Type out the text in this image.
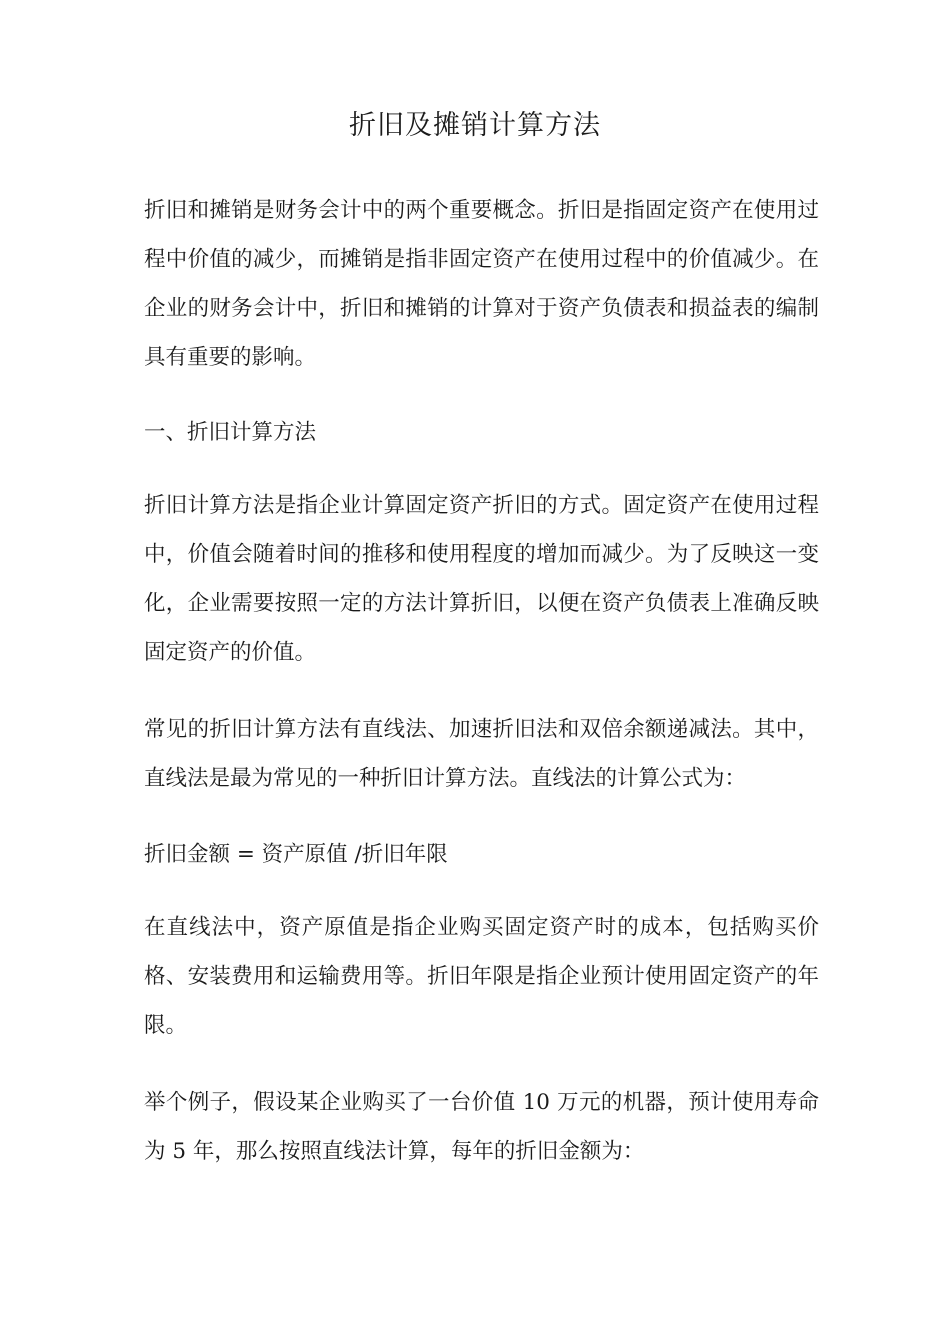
折旧及摊销计算方法

折旧和摊销是财务会计中的两个重要概念。折旧是指固定资产在使用过程中价值的减少，而摊销是指非固定资产在使用过程中的价值减少。在企业的财务会计中，折旧和摊销的计算对于资产负债表和损益表的编制具有重要的影响。

一、折旧计算方法

折旧计算方法是指企业计算固定资产折旧的方式。固定资产在使用过程中，价值会随着时间的推移和使用程度的增加而减少。为了反映这一变化，企业需要按照一定的方法计算折旧，以便在资产负债表上准确反映固定资产的价值。

常见的折旧计算方法有直线法、加速折旧法和双倍余额递减法。其中，直线法是最为常见的一种折旧计算方法。直线法的计算公式为：

折旧金额 = 资产原值 /折旧年限

在直线法中，资产原值是指企业购买固定资产时的成本，包括购买价格、安装费用和运输费用等。折旧年限是指企业预计使用固定资产的年限。

举个例子，假设某企业购买了一台价值 10 万元的机器，预计使用寿命为 5 年，那么按照直线法计算，每年的折旧金额为：
